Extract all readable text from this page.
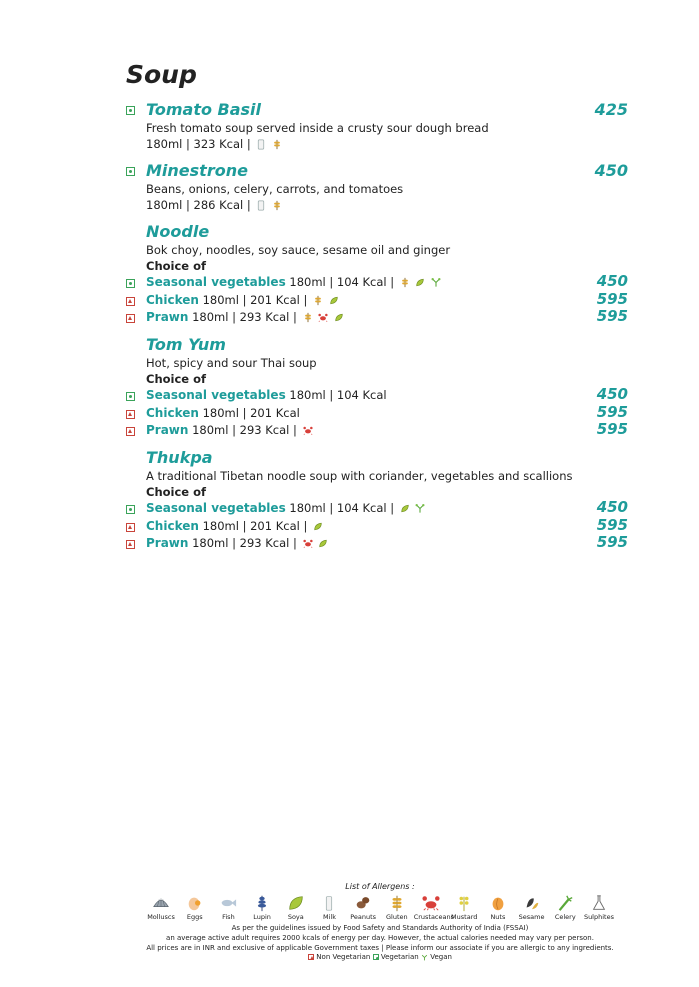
Soup
Tomato Basil	425
Fresh tomato soup served inside a crusty sour dough bread
180ml | 323 Kcal |
Minestrone	450
Beans, onions, celery, carrots, and tomatoes
180ml | 286 Kcal |
Noodle
Bok choy, noodles, soy sauce, sesame oil and ginger
Choice of
Seasonal vegetables 180ml | 104 Kcal |	450
Chicken 180ml | 201 Kcal |	595
Prawn 180ml | 293 Kcal |	595
Tom Yum
Hot, spicy and sour Thai soup
Choice of
Seasonal vegetables 180ml | 104 Kcal	450
Chicken 180ml | 201 Kcal	595
Prawn 180ml | 293 Kcal |	595
Thukpa
A traditional Tibetan noodle soup with coriander, vegetables and scallions
Choice of
Seasonal vegetables 180ml | 104 Kcal |	450
Chicken 180ml | 201 Kcal |	595
Prawn 180ml | 293 Kcal |	595
List of Allergens :
Molluscs	Eggs	Fish	Lupin	Soya	Milk	Peanuts	Gluten Crustaceans
Mustard	Nuts	Sesame	Celery	Sulphites
As per the guidelines issued by Food Safety and Standards Authority of India (FSSAI)
an average active adult requires 2000 kcals of energy per day. However, the actual calories needed may vary per person.
All prices are in INR and exclusive of applicable Government taxes | Please inform our associate if you are allergic to any ingredients.
Non Vegetarian Vegetarian Vegan
